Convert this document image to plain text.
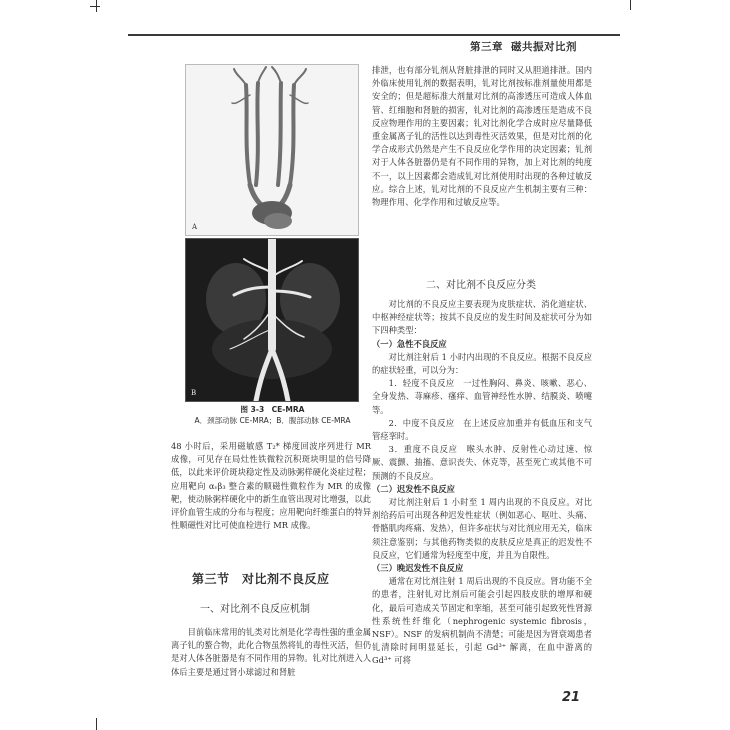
第三章 磁共振对比剂
A
B
图 3-3　CE-MRA
A．颈部动脉 CE-MRA；B．腹部动脉 CE-MRA

48 小时后，采用磁敏感 T₂* 梯度回波序列进行 MR 成像，可见存在局灶性铁微粒沉积斑块明显的信号降低，以此来评价斑块稳定性及动脉粥样硬化炎症过程；应用靶向 αᵥβ₃ 整合素的顺磁性微粒作为 MR 的成像靶，使动脉粥样硬化中的新生血管出现对比增强，以此评价血管生成的分布与程度；应用靶向纤维蛋白的特异性顺磁性对比可使血栓进行 MR 成像。

第三节　对比剂不良反应
一、对比剂不良反应机制

目前临床常用的钆类对比剂是化学毒性强的重金属离子钆的螯合物，此化合物虽然将钆的毒性灭活，但仍是对人体各脏器是有不同作用的异物。钆对比剂进入人体后主要是通过肾小球滤过和肾脏

排泄，也有部分钆剂从肾脏排泄的同时又从胆道排泄。国内外临床使用钆剂的数据表明，钆对比剂按标准剂量使用都是安全的；但是超标准大剂量对比剂的高渗透压可造成人体血管、红细胞和肾脏的损害，钆对比剂的高渗透压是造成不良反应物理作用的主要因素；钆对比剂化学合成时应尽量降低重金属离子钆的活性以达到毒性灭活效果，但是对比剂的化学合成形式仍然是产生不良反应化学作用的决定因素；钆剂对于人体各脏器仍是有不同作用的异物，加上对比剂的纯度不一，以上因素都会造成钆对比剂使用时出现的各种过敏反应。综合上述，钆对比剂的不良反应产生机制主要有三种：物理作用、化学作用和过敏反应等。

二、对比剂不良反应分类

对比剂的不良反应主要表现为皮肤症状、消化道症状、中枢神经症状等；按其不良反应的发生时间及症状可分为如下四种类型：

（一）急性不良反应

对比剂注射后 1 小时内出现的不良反应。根据不良反应的症状轻重，可以分为：

1．轻度不良反应　一过性胸闷、鼻炎、咳嗽、恶心、全身发热、荨麻疹、瘙痒、血管神经性水肿、结膜炎、喷嚏等。

2．中度不良反应　在上述反应加重并有低血压和支气管痉挛时。

3．重度不良反应　喉头水肿、反射性心动过速、惊厥、震颤、抽搐、意识丧失、休克等，甚至死亡或其他不可预测的不良反应。

（二）迟发性不良反应

对比剂注射后 1 小时至 1 周内出现的不良反应。对比剂给药后可出现各种迟发性症状（例如恶心、呕吐、头痛、骨骼肌肉疼痛、发热），但许多症状与对比剂应用无关，临床须注意鉴别；与其他药物类似的皮肤反应是真正的迟发性不良反应，它们通常为轻度至中度，并且为自限性。

（三）晚迟发性不良反应

通常在对比剂注射 1 周后出现的不良反应。肾功能不全的患者，注射钆对比剂后可能会引起四肢皮肤的增厚和硬化，最后可造成关节固定和挛缩，甚至可能引起致死性肾源性系统性纤维化（nephrogenic systemic fibrosis，NSF）。NSF 的发病机制尚不清楚；可能是因为肾衰竭患者钆清除时间明显延长，引起 Gd³⁺ 解离，在血中游离的 Gd³⁺ 可将

21
